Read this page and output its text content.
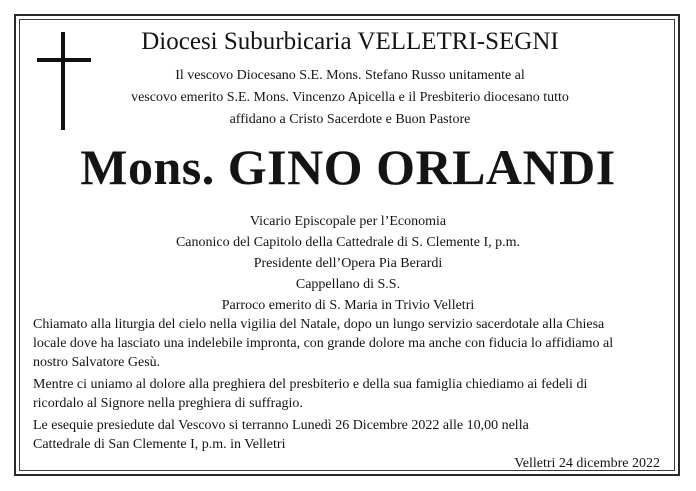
Diocesi Suburbicaria VELLETRI-SEGNI
Il vescovo Diocesano S.E. Mons. Stefano Russo unitamente al
vescovo emerito S.E. Mons. Vincenzo Apicella e il Presbiterio diocesano tutto
affidano a Cristo Sacerdote e Buon Pastore
Mons. GINO ORLANDI
Vicario Episcopale per l’Economia
Canonico del Capitolo della Cattedrale di S. Clemente I, p.m.
Presidente dell’Opera Pia Berardi
Cappellano di S.S.
Parroco emerito di S. Maria in Trivio Velletri

Chiamato alla liturgia del cielo nella vigilia del Natale, dopo un lungo servizio sacerdotale alla Chiesa
locale dove ha lasciato una indelebile impronta, con grande dolore ma anche con fiducia lo affidiamo al
nostro Salvatore Gesù.

Mentre ci uniamo al dolore alla preghiera del presbiterio e della sua famiglia chiediamo ai fedeli di
ricordalo al Signore nella preghiera di suffragio.

Le esequie presiedute dal Vescovo si terranno Lunedì 26 Dicembre 2022 alle 10,00 nella
Cattedrale di San Clemente I, p.m. in Velletri

Velletri 24 dicembre 2022
